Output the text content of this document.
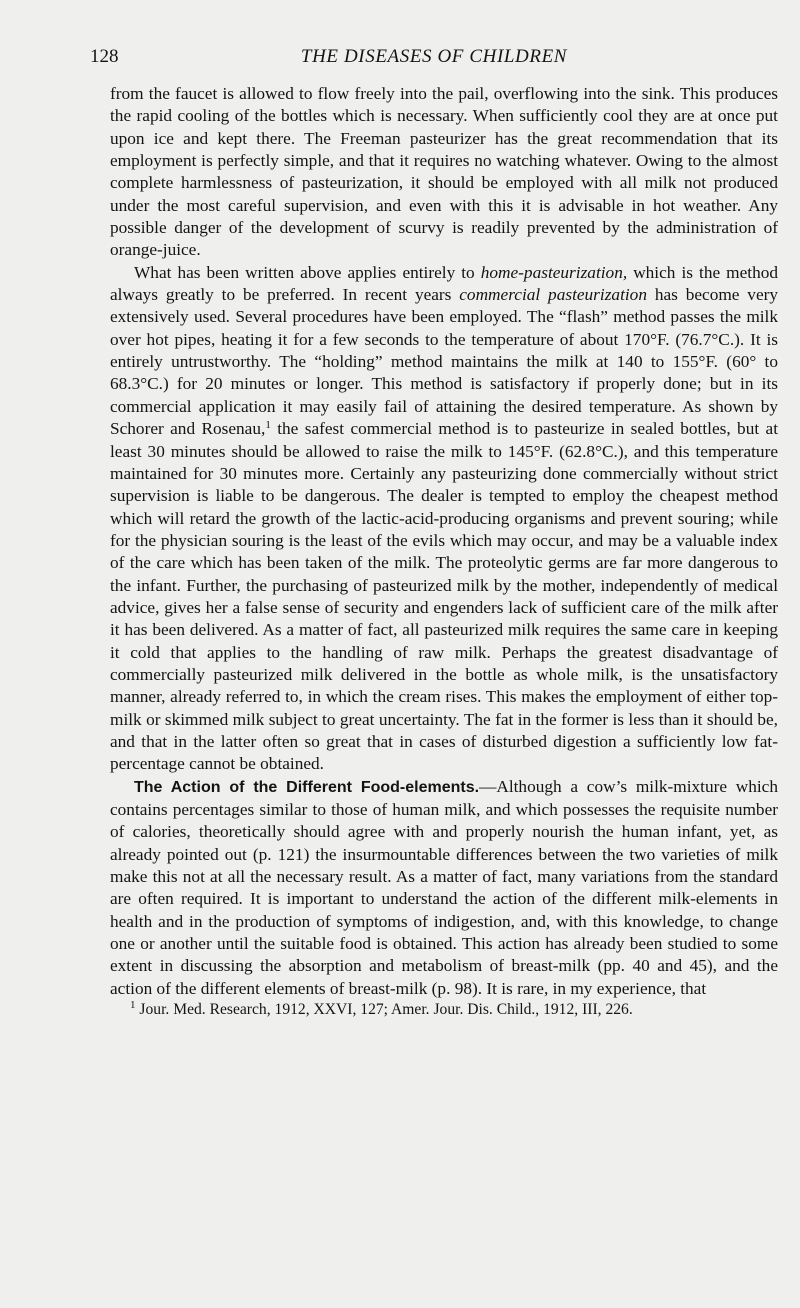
128	THE DISEASES OF CHILDREN

from the faucet is allowed to flow freely into the pail, overflowing into the sink. This produces the rapid cooling of the bottles which is necessary. When sufficiently cool they are at once put upon ice and kept there. The Freeman pasteurizer has the great recommendation that its employment is perfectly simple, and that it requires no watching whatever. Owing to the almost complete harmlessness of pasteurization, it should be employed with all milk not produced under the most careful supervision, and even with this it is advisable in hot weather. Any possible danger of the development of scurvy is readily prevented by the administration of orange-juice.

What has been written above applies entirely to home-pasteurization, which is the method always greatly to be preferred. In recent years commercial pasteurization has become very extensively used. Several procedures have been employed. The “flash” method passes the milk over hot pipes, heating it for a few seconds to the temperature of about 170°F. (76.7°C.). It is entirely untrustworthy. The “holding” method maintains the milk at 140 to 155°F. (60° to 68.3°C.) for 20 minutes or longer. This method is satisfactory if properly done; but in its commercial application it may easily fail of attaining the desired temperature. As shown by Schorer and Rosenau,$^1$ the safest commercial method is to pasteurize in sealed bottles, but at least 30 minutes should be allowed to raise the milk to 145°F. (62.8°C.), and this temperature maintained for 30 minutes more. Certainly any pasteurizing done commercially without strict supervision is liable to be dangerous. The dealer is tempted to employ the cheapest method which will retard the growth of the lactic-acid-producing organisms and prevent souring; while for the physician souring is the least of the evils which may occur, and may be a valuable index of the care which has been taken of the milk. The proteolytic germs are far more dangerous to the infant. Further, the purchasing of pasteurized milk by the mother, independently of medical advice, gives her a false sense of security and engenders lack of sufficient care of the milk after it has been delivered. As a matter of fact, all pasteurized milk requires the same care in keeping it cold that applies to the handling of raw milk. Perhaps the greatest disadvantage of commercially pasteurized milk delivered in the bottle as whole milk, is the unsatisfactory manner, already referred to, in which the cream rises. This makes the employment of either top-milk or skimmed milk subject to great uncertainty. The fat in the former is less than it should be, and that in the latter often so great that in cases of disturbed digestion a sufficiently low fat-percentage cannot be obtained.

The Action of the Different Food-elements.—Although a cow’s milk-mixture which contains percentages similar to those of human milk, and which possesses the requisite number of calories, theoretically should agree with and properly nourish the human infant, yet, as already pointed out (p. 121) the insurmountable differences between the two varieties of milk make this not at all the necessary result. As a matter of fact, many variations from the standard are often required. It is important to understand the action of the different milk-elements in health and in the production of symptoms of indigestion, and, with this knowledge, to change one or another until the suitable food is obtained. This action has already been studied to some extent in discussing the absorption and metabolism of breast-milk (pp. 40 and 45), and the action of the different elements of breast-milk (p. 98). It is rare, in my experience, that

$^1$ Jour. Med. Research, 1912, XXVI, 127; Amer. Jour. Dis. Child., 1912, III, 226.
